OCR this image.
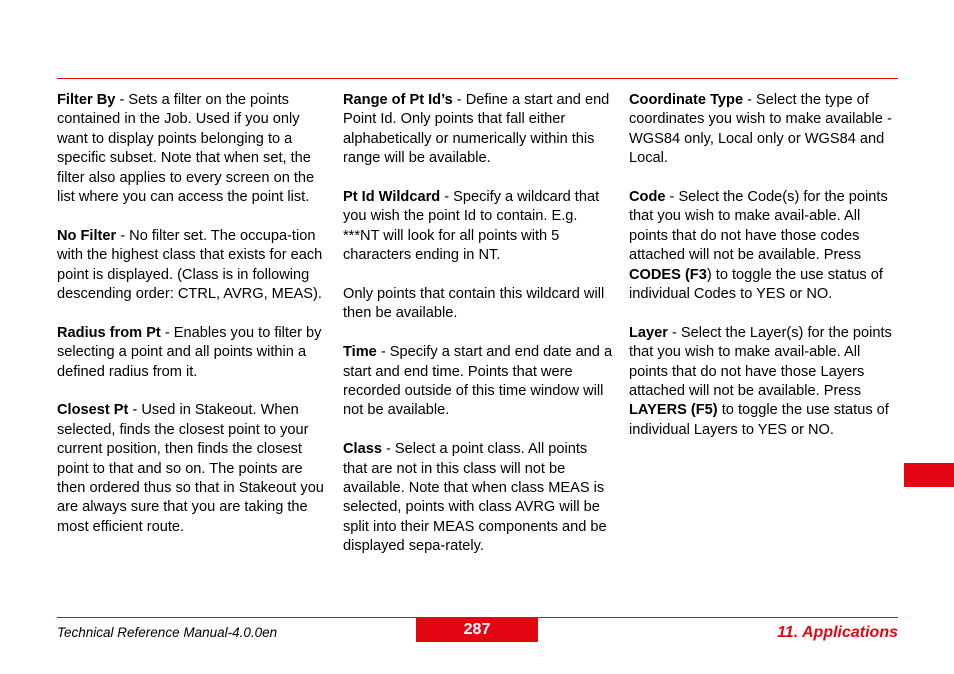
Filter By - Sets a filter on the points contained in the Job. Used if you only want to display points belonging to a specific subset. Note that when set, the filter also applies to every screen on the list where you can access the point list.

No Filter - No filter set. The occupa-tion with the highest class that exists for each point is displayed. (Class is in following descending order: CTRL, AVRG, MEAS).

Radius from Pt - Enables you to filter by selecting a point and all points within a defined radius from it.

Closest Pt - Used in Stakeout. When selected, finds the closest point to your current position, then finds the closest point to that and so on. The points are then ordered thus so that in Stakeout you are always sure that you are taking the most efficient route.

Range of Pt Id’s - Define a start and end Point Id. Only points that fall either alphabetically or numerically within this range will be available.

Pt Id Wildcard - Specify a wildcard that you wish the point Id to contain. E.g. ***NT will look for all points with 5 characters ending in NT.

Only points that contain this wildcard will then be available.

Time - Specify a start and end date and a start and end time. Points that were recorded outside of this time window will not be available.

Class - Select a point class. All points that are not in this class will not be available. Note that when class MEAS is selected, points with class AVRG will be split into their MEAS components and be displayed sepa-rately.

Coordinate Type - Select the type of coordinates you wish to make available - WGS84 only, Local only or WGS84 and Local.

Code - Select the Code(s) for the points that you wish to make avail-able. All points that do not have those codes attached will not be available. Press CODES (F3) to toggle the use status of individual Codes to YES or NO.

Layer - Select the Layer(s) for the points that you wish to make avail-able. All points that do not have those Layers attached will not be available. Press LAYERS (F5) to toggle the use status of individual Layers to YES or NO.

Technical Reference Manual-4.0.0en	287	11. Applications
